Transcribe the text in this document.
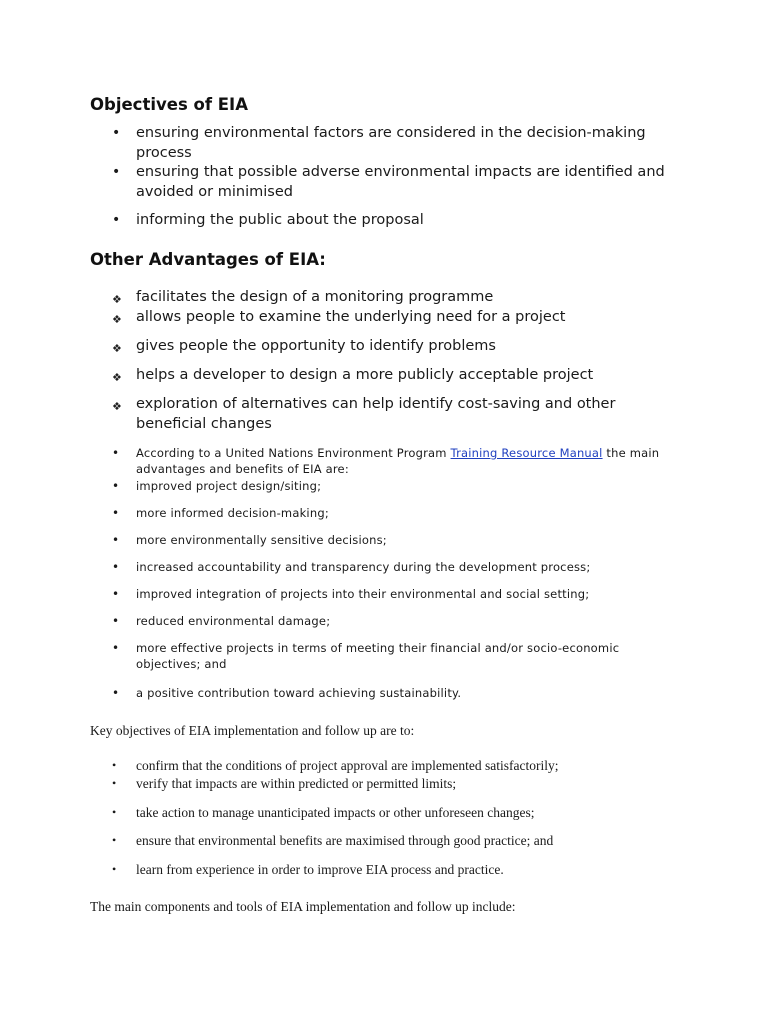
Objectives of EIA
• ensuring environmental factors are considered in the decision-making process
• ensuring that possible adverse environmental impacts are identified and avoided or minimised
• informing the public about the proposal
Other Advantages of EIA:
❖ facilitates the design of a monitoring programme
❖ allows people to examine the underlying need for a project
❖ gives people the opportunity to identify problems
❖ helps a developer to design a more publicly acceptable project
❖ exploration of alternatives can help identify cost-saving and other beneficial changes
• According to a United Nations Environment Program Training Resource Manual the main advantages and benefits of EIA are:
• improved project design/siting;
• more informed decision-making;
• more environmentally sensitive decisions;
• increased accountability and transparency during the development process;
• improved integration of projects into their environmental and social setting;
• reduced environmental damage;
• more effective projects in terms of meeting their financial and/or socio-economic objectives; and
• a positive contribution toward achieving sustainability.

Key objectives of EIA implementation and follow up are to:

• confirm that the conditions of project approval are implemented satisfactorily;
• verify that impacts are within predicted or permitted limits;
• take action to manage unanticipated impacts or other unforeseen changes;
• ensure that environmental benefits are maximised through good practice; and
• learn from experience in order to improve EIA process and practice.

The main components and tools of EIA implementation and follow up include:
